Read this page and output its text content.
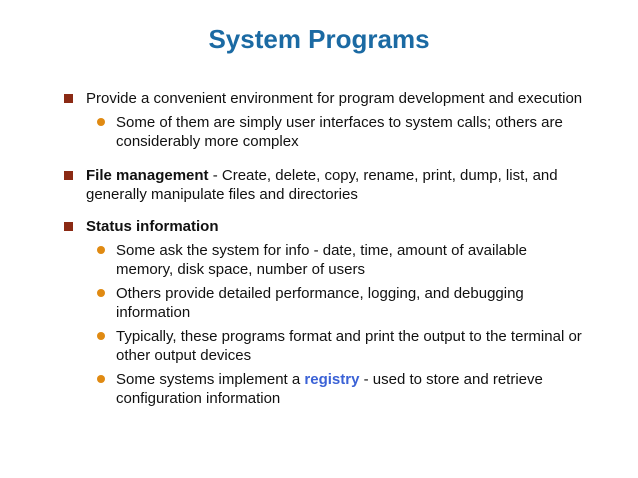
System Programs
Provide a convenient environment for program development and execution
Some of them are simply user interfaces to system calls; others are considerably more complex
File management - Create, delete, copy, rename, print, dump, list, and generally manipulate files and directories
Status information
Some ask the system for info - date, time, amount of available memory, disk space, number of users
Others provide detailed performance, logging, and debugging information
Typically, these programs format and print the output to the terminal or other output devices
Some systems implement a registry - used to store and retrieve configuration information
